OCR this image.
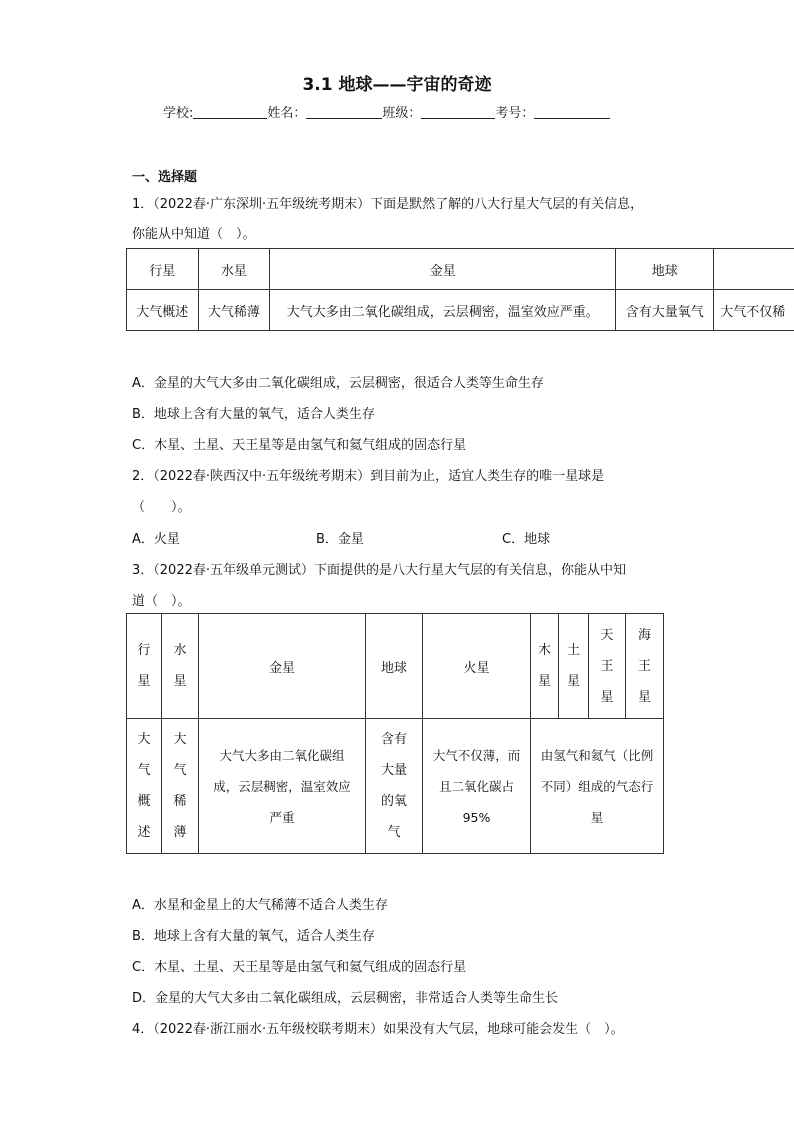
3.1 地球——宇宙的奇迹
学校:	姓名：	班级：	考号：
一、选择题
1．（2022春·广东深圳·五年级统考期末）下面是默然了解的八大行星大气层的有关信息，
你能从中知道（　）。
行星	水星	金星	地球	
大气概述	大气稀薄	大气大多由二氧化碳组成，云层稠密，温室效应严重。	含有大量氧气	大气不仅稀
A．金星的大气大多由二氧化碳组成，云层稠密，很适合人类等生命生存
B．地球上含有大量的氧气，适合人类生存
C．木星、土星、天王星等是由氢气和氦气组成的固态行星
2．（2022春·陕西汉中·五年级统考期末）到目前为止，适宜人类生存的唯一星球是
（　　）。
A．火星	B．金星	C．地球
3．（2022春·五年级单元测试）下面提供的是八大行星大气层的有关信息，你能从中知
道（　）。
行
星	水
星	金星	地球	火星	木
星	土
星	天
王
星	海
王
星

大
气
概
述	大
气
稀
薄	大气大多由二氧化碳组
成，云层稠密，温室效应
严重	含有
大量
的氧
气	大气不仅薄，而
且二氧化碳占
95%	由氢气和氦气（比例
不同）组成的气态行
星			
A．水星和金星上的大气稀薄不适合人类生存
B．地球上含有大量的氧气，适合人类生存
C．木星、土星、天王星等是由氢气和氦气组成的固态行星
D．金星的大气大多由二氧化碳组成，云层稠密，非常适合人类等生命生长
4．（2022春·浙江丽水·五年级校联考期末）如果没有大气层，地球可能会发生（　）。
